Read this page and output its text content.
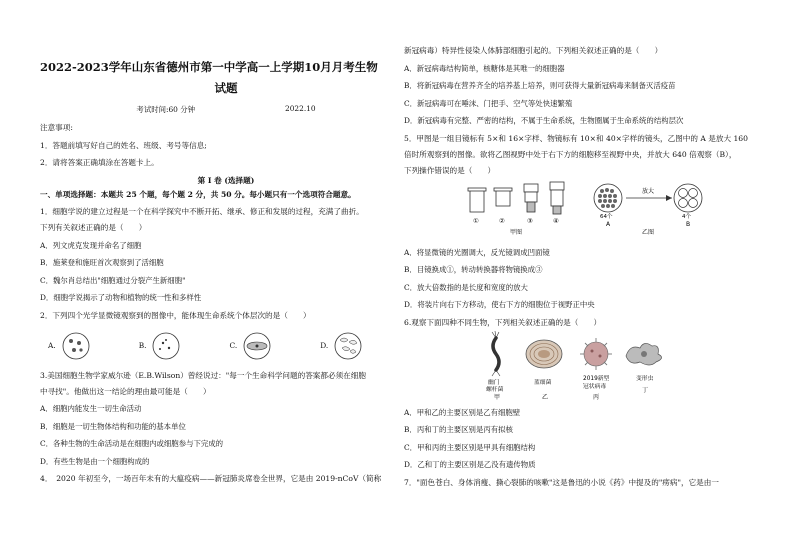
2022-2023学年山东省德州市第一中学高一上学期10月月考生物
试题
考试时间:60 分钟	2022.10
注意事项:
1．答题前填写好自己的姓名、班级、考号等信息;
2．请将答案正确填涂在答题卡上。
第 I 卷 (选择题)
一、单项选择题：本题共 25 个题，每个题 2 分，共 50 分。每小题只有一个选项符合题意。
1．细胞学说的建立过程是一个在科学探究中不断开拓、继承、修正和发展的过程，充满了曲折。
下列有关叙述正确的是（　　）
A．列文虎克发现并命名了细胞
B．施莱登和施旺首次观察到了活细胞
C．魏尔肖总结出"细胞通过分裂产生新细胞"
D．细胞学说揭示了动物和植物的统一性和多样性
2．下列四个光学显微镜观察到的图像中，能体现生命系统个体层次的是（　　）
A.	B.	C.	D.
3.美国细胞生物学家威尔逊（E.B.Wilson）曾经说过："每一个生命科学问题的答案都必须在细胞
中寻找"。他做出这一结论的理由最可能是（　　）
A．细胞内能发生一切生命活动
B．细胞是一切生物体结构和功能的基本单位
C．各种生物的生命活动是在细胞内或细胞参与下完成的
D．有些生物是由一个细胞构成的
4．　2020 年初至今，一场百年未有的大瘟疫病——新冠肺炎席卷全世界，它是由 2019-nCoV（简称
新冠病毒）特异性侵染人体肺部细胞引起的。下列相关叙述正确的是（　　）
A．新冠病毒结构简单，核糖体是其唯一的细胞器
B．将新冠病毒在营养齐全的培养基上培养，则可获得大量新冠病毒来制备灭活疫苗
C．新冠病毒可在唾沫、门把手、空气等处快速繁殖
D．新冠病毒有完整、严密的结构，不属于生命系统，生物圈属于生命系统的结构层次
5．甲图是一组目镜标有 5×和 16×字样、物镜标有 10×和 40×字样的镜头，乙图中的 A 是放大 160
倍时所观察到的图像。欲将乙图视野中处于右下方的细胞移至视野中央，并放大 640 倍观察（B），
下列操作错误的是（　　）
①	②	③	④
甲图
64个
A
放大
4个
B
乙图
A．将显微镜的光圈调大，反光镜调成凹面镜
B．目镜换成①，转动转换器将物镜换成③
C．放大倍数指的是长度和宽度的放大
D．将装片向右下方移动，使右下方的细胞位于视野正中央
6.观察下面四种不同生物，下列相关叙述正确的是（　　）
幽门
螺杆菌
甲
蓝细菌
乙
2019新型
冠状病毒
丙
变形虫
丁
A．甲和乙的主要区别是乙有细胞壁
B．丙和丁的主要区别是丙有拟核
C．甲和丙的主要区别是甲具有细胞结构
D．乙和丁的主要区别是乙没有遗传物质
7．"面色苍白、身体消瘦、撕心裂肺的咳嗽"这是鲁迅的小说《药》中提及的"痨病"，它是由一
